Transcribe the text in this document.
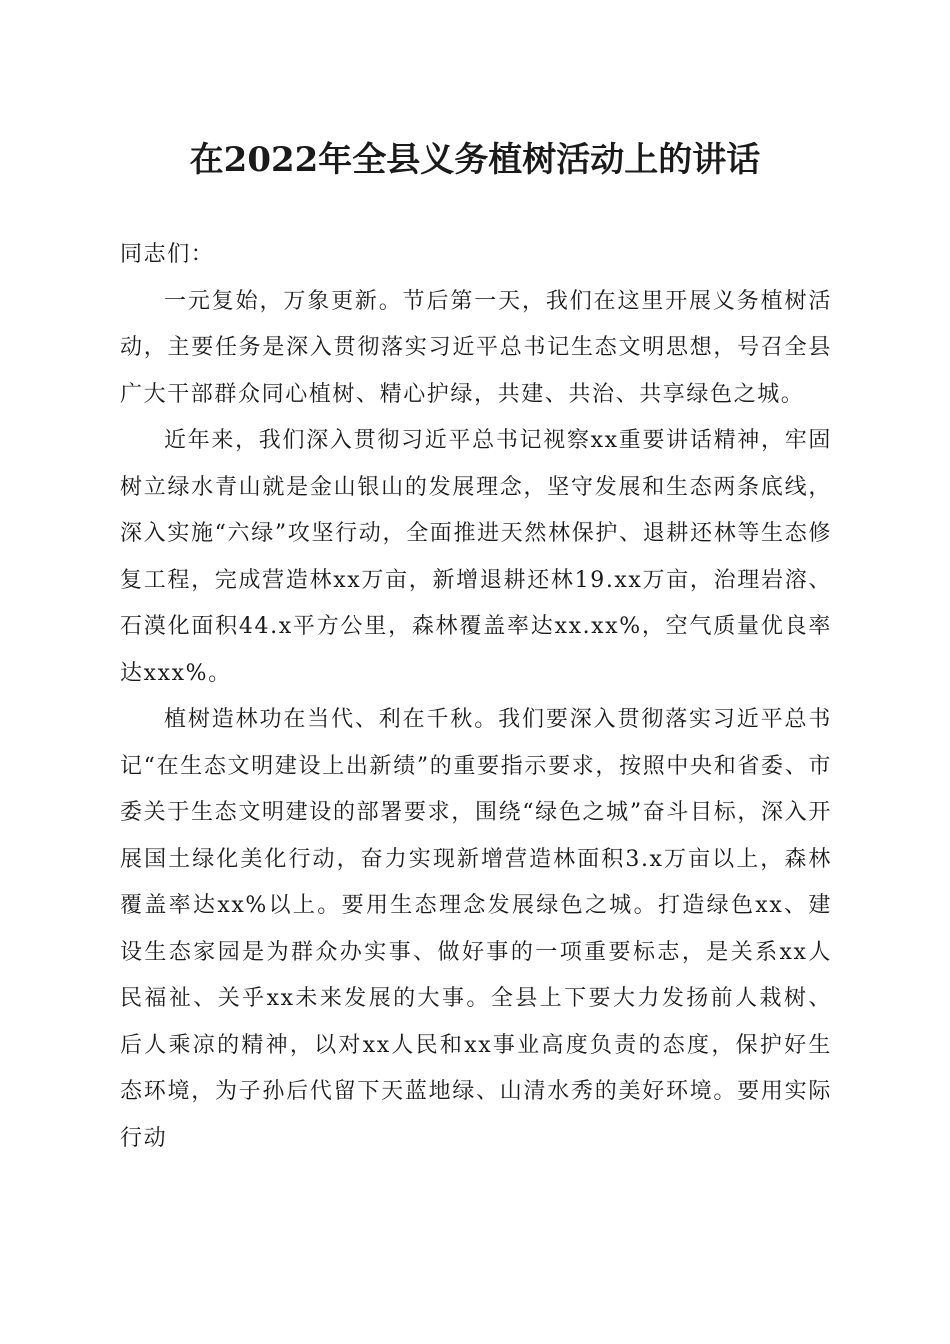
在2022年全县义务植树活动上的讲话

同志们：

一元复始，万象更新。节后第一天，我们在这里开展义务植树活动，主要任务是深入贯彻落实习近平总书记生态文明思想，号召全县广大干部群众同心植树、精心护绿，共建、共治、共享绿色之城。

近年来，我们深入贯彻习近平总书记视察xx重要讲话精神，牢固树立绿水青山就是金山银山的发展理念，坚守发展和生态两条底线，深入实施“六绿”攻坚行动，全面推进天然林保护、退耕还林等生态修复工程，完成营造林xx万亩，新增退耕还林19.xx万亩，治理岩溶、石漠化面积44.x平方公里，森林覆盖率达xx.xx%，空气质量优良率达xxx%。

植树造林功在当代、利在千秋。我们要深入贯彻落实习近平总书记“在生态文明建设上出新绩”的重要指示要求，按照中央和省委、市委关于生态文明建设的部署要求，围绕“绿色之城”奋斗目标，深入开展国土绿化美化行动，奋力实现新增营造林面积3.x万亩以上，森林覆盖率达xx%以上。要用生态理念发展绿色之城。打造绿色xx、建设生态家园是为群众办实事、做好事的一项重要标志，是关系xx人民福祉、关乎xx未来发展的大事。全县上下要大力发扬前人栽树、后人乘凉的精神，以对xx人民和xx事业高度负责的态度，保护好生态环境，为子孙后代留下天蓝地绿、山清水秀的美好环境。要用实际行动
